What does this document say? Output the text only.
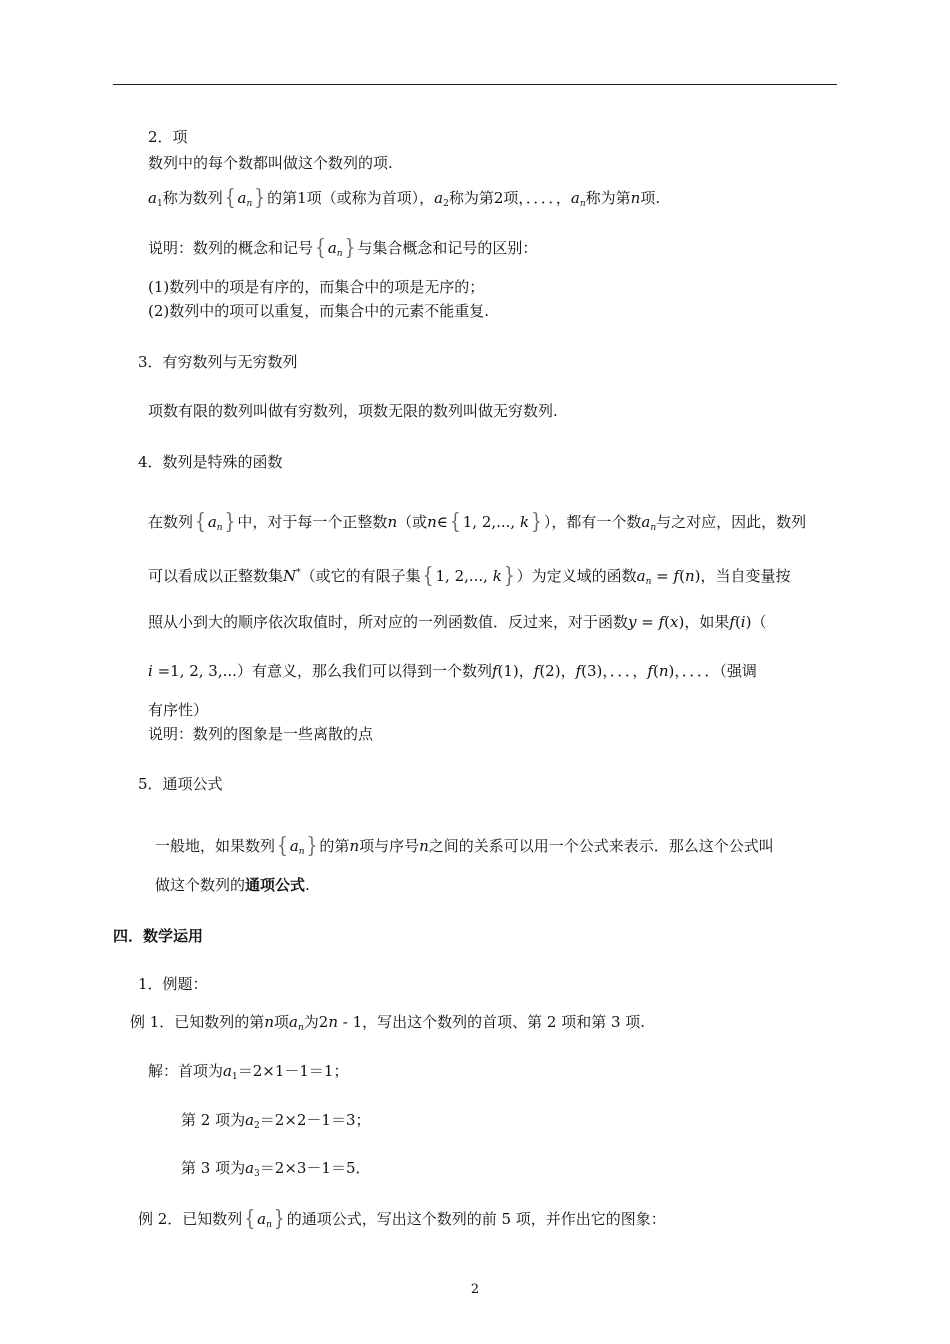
2．项
数列中的每个数都叫做这个数列的项.
$a_1$称为数列 { $a_n$ } 的第1项（或称为首项），$a_2$称为第2项，．．．．，$a_n$称为第n项.
说明：数列的概念和记号 { $a_n$ } 与集合概念和记号的区别：
(1)数列中的项是有序的，而集合中的项是无序的；
(2)数列中的项可以重复，而集合中的元素不能重复.
3．有穷数列与无穷数列
项数有限的数列叫做有穷数列，项数无限的数列叫做无穷数列.
4．数列是特殊的函数
在数列 { $a_n$ } 中，对于每一个正整数n（或n∈ { 1, 2,..., k } ），都有一个数$a_n$与之对应，因此，数列
可以看成以正整数集N*（或它的有限子集 { 1, 2,..., k } ）为定义域的函数$a_n = f(n)$，当自变量按
照从小到大的顺序依次取值时，所对应的一列函数值．反过来，对于函数y = f(x)，如果f(i)（
i =1, 2, 3,...）有意义，那么我们可以得到一个数列f(1)，f(2)，f(3)，．．．，f(n)，．．．．（强调
有序性）
说明：数列的图象是一些离散的点
5．通项公式
一般地，如果数列 { $a_n$ } 的第n项与序号n之间的关系可以用一个公式来表示．那么这个公式叫
做这个数列的通项公式.
四．数学运用
1．例题：
例 1．已知数列的第n项$a_n$为2n - 1，写出这个数列的首项、第 2 项和第 3 项.
解：首项为$a_1=2\times 1-1=1$；
第 2 项为$a_2=2\times 2-1=3$；
第 3 项为$a_3=2\times 3-1=5$．
例 2．已知数列 { $a_n$ } 的通项公式，写出这个数列的前 5 项，并作出它的图象：
2
